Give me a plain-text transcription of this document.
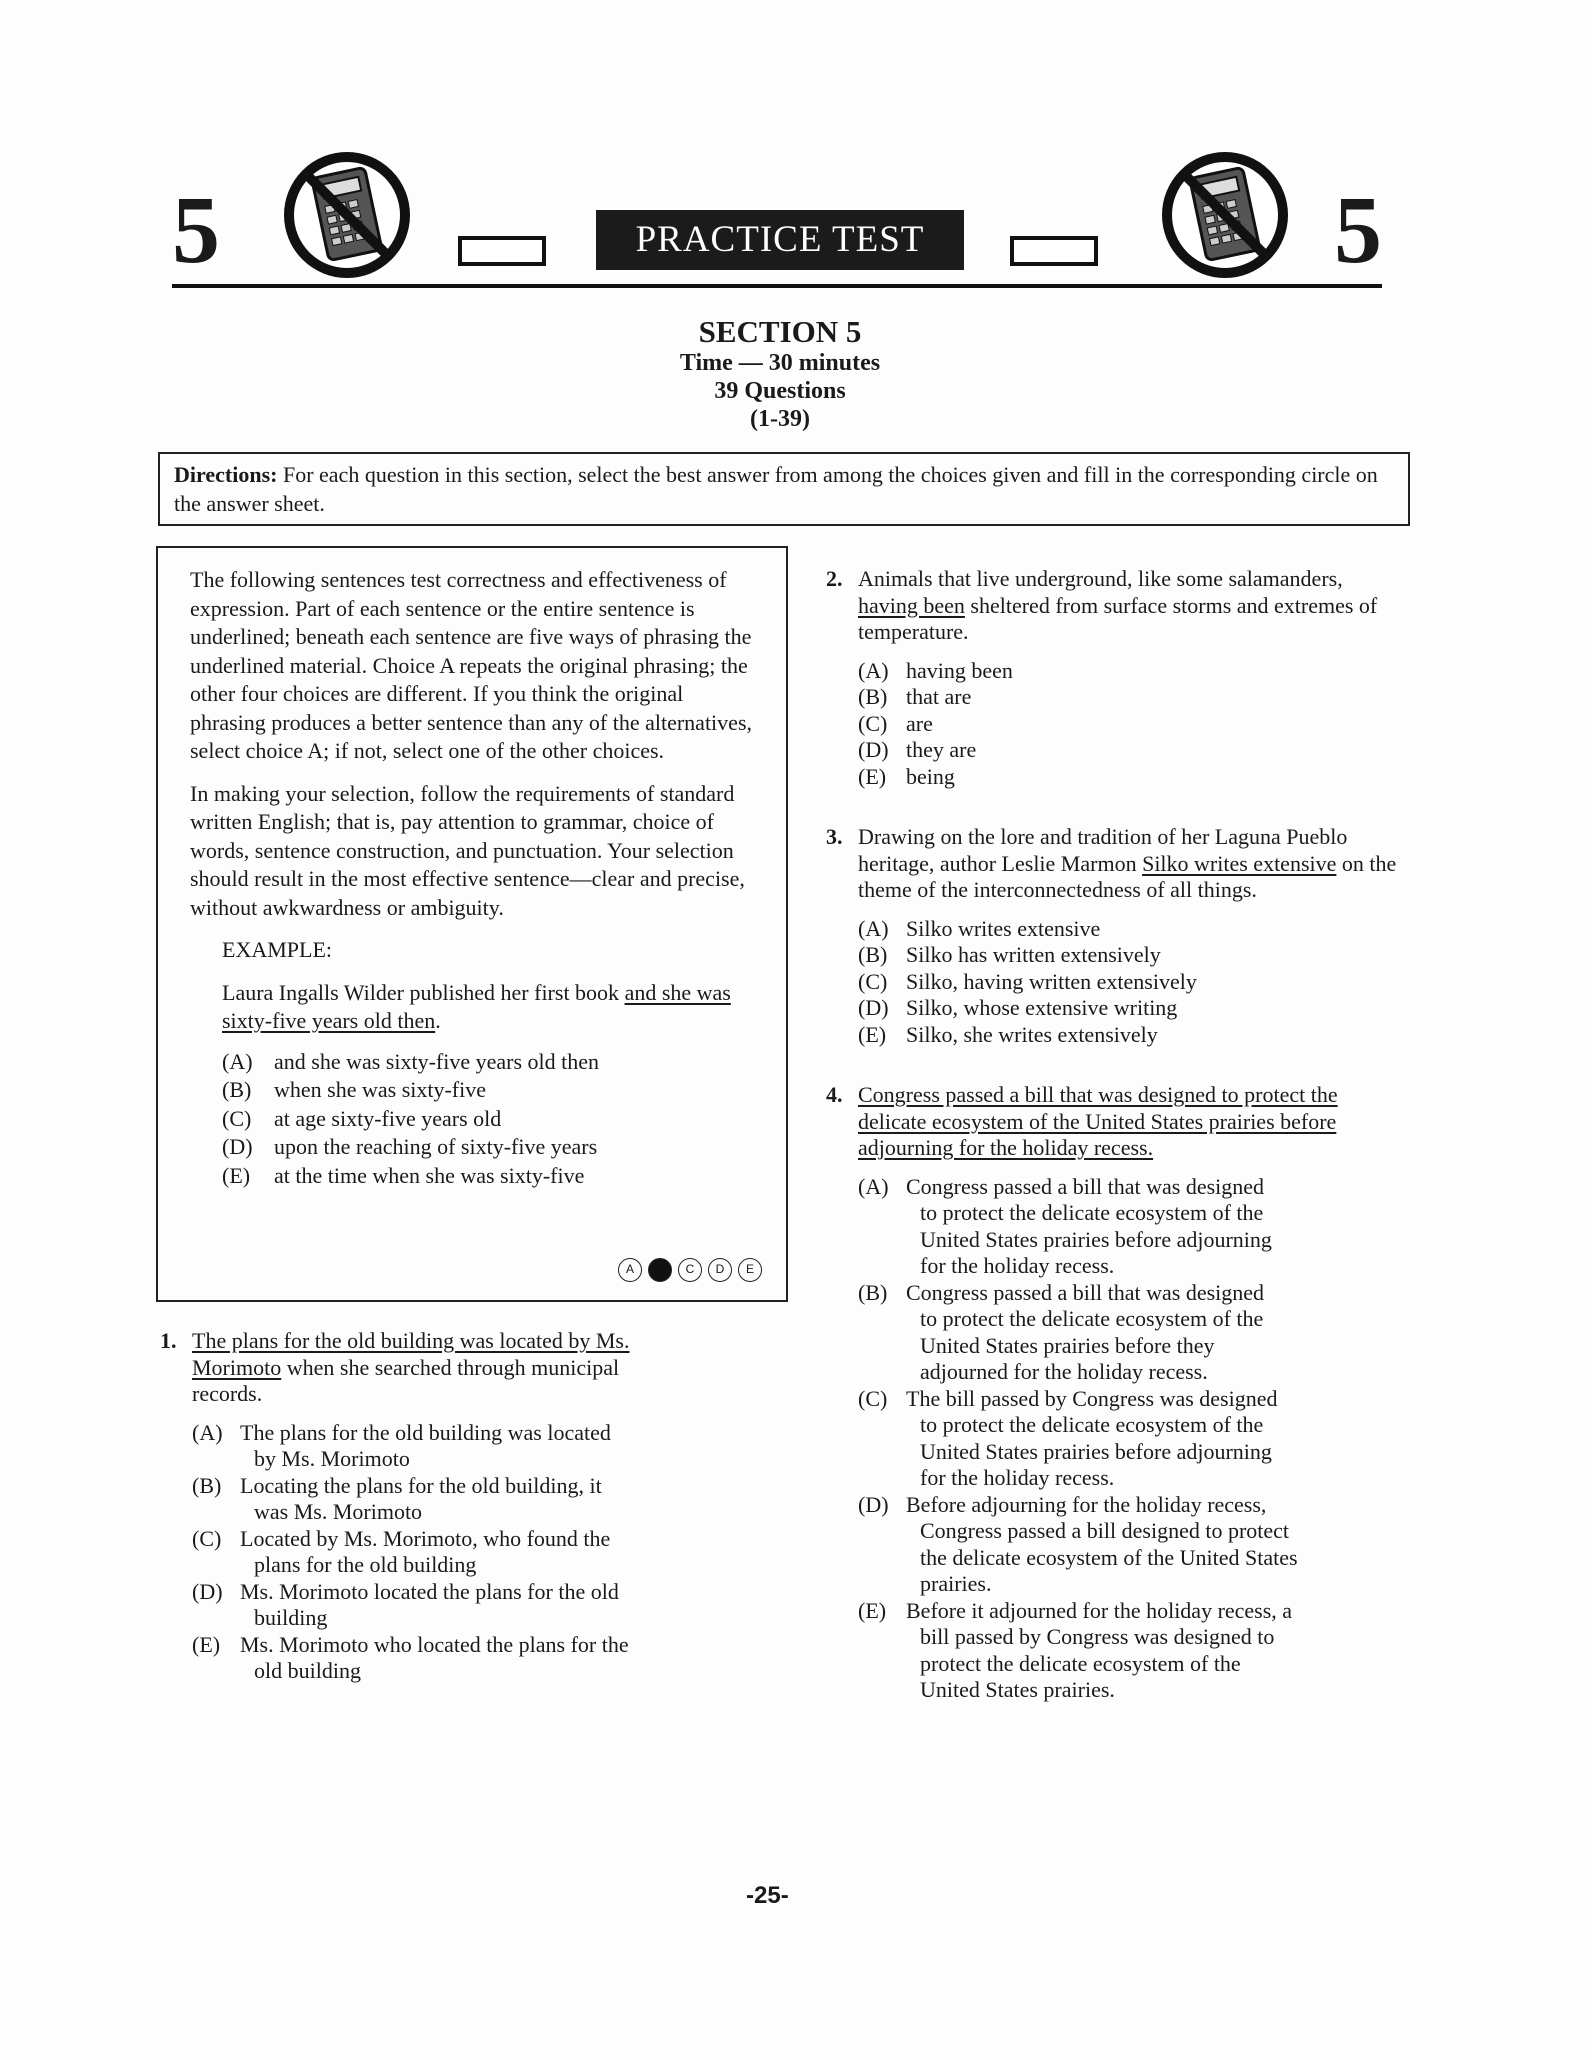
5	PRACTICE TEST	5
SECTION 5
Time — 30 minutes
39 Questions
(1-39)
Directions: For each question in this section, select the best answer from among the choices given and fill in the corresponding circle on the answer sheet.

The following sentences test correctness and effectiveness of expression. Part of each sentence or the entire sentence is underlined; beneath each sentence are five ways of phrasing the underlined material. Choice A repeats the original phrasing; the other four choices are different. If you think the original phrasing produces a better sentence than any of the alternatives, select choice A; if not, select one of the other choices.

In making your selection, follow the requirements of standard written English; that is, pay attention to grammar, choice of words, sentence construction, and punctuation. Your selection should result in the most effective sentence—clear and precise, without awkwardness or ambiguity.

EXAMPLE:
Laura Ingalls Wilder published her first book and she was sixty-five years old then.
(A) and she was sixty-five years old then
(B)	when she was sixty-five
(C)	at age sixty-five years old
(D) upon the reaching of sixty-five years
(E)	at the time when she was sixty-five
A	B	C	D	E
1. The plans for the old building was located by Ms. Morimoto when she searched through municipal records.
(A) The plans for the old building was located
by Ms. Morimoto
(B) Locating the plans for the old building, it
was Ms. Morimoto
(C) Located by Ms. Morimoto, who found the
plans for the old building
(D) Ms. Morimoto located the plans for the old
building
(E) Ms. Morimoto who located the plans for the
old building
2. Animals that live underground, like some salamanders, having been sheltered from surface storms and extremes of temperature.
(A) having been
(B) that are
(C) are
(D) they are
(E) being
3. Drawing on the lore and tradition of her Laguna Pueblo heritage, author Leslie Marmon Silko writes extensive on the theme of the interconnectedness of all things.
(A) Silko writes extensive
(B) Silko has written extensively
(C) Silko, having written extensively
(D) Silko, whose extensive writing
(E) Silko, she writes extensively
4. Congress passed a bill that was designed to protect the delicate ecosystem of the United States prairies before adjourning for the holiday recess.
(A) Congress passed a bill that was designed
to protect the delicate ecosystem of the
United States prairies before adjourning
for the holiday recess.
(B) Congress passed a bill that was designed
to protect the delicate ecosystem of the
United States prairies before they
adjourned for the holiday recess.
(C) The bill passed by Congress was designed
to protect the delicate ecosystem of the
United States prairies before adjourning
for the holiday recess.
(D) Before adjourning for the holiday recess,
Congress passed a bill designed to protect
the delicate ecosystem of the United States
prairies.
(E) Before it adjourned for the holiday recess, a
bill passed by Congress was designed to
protect the delicate ecosystem of the
United States prairies.
-25-
